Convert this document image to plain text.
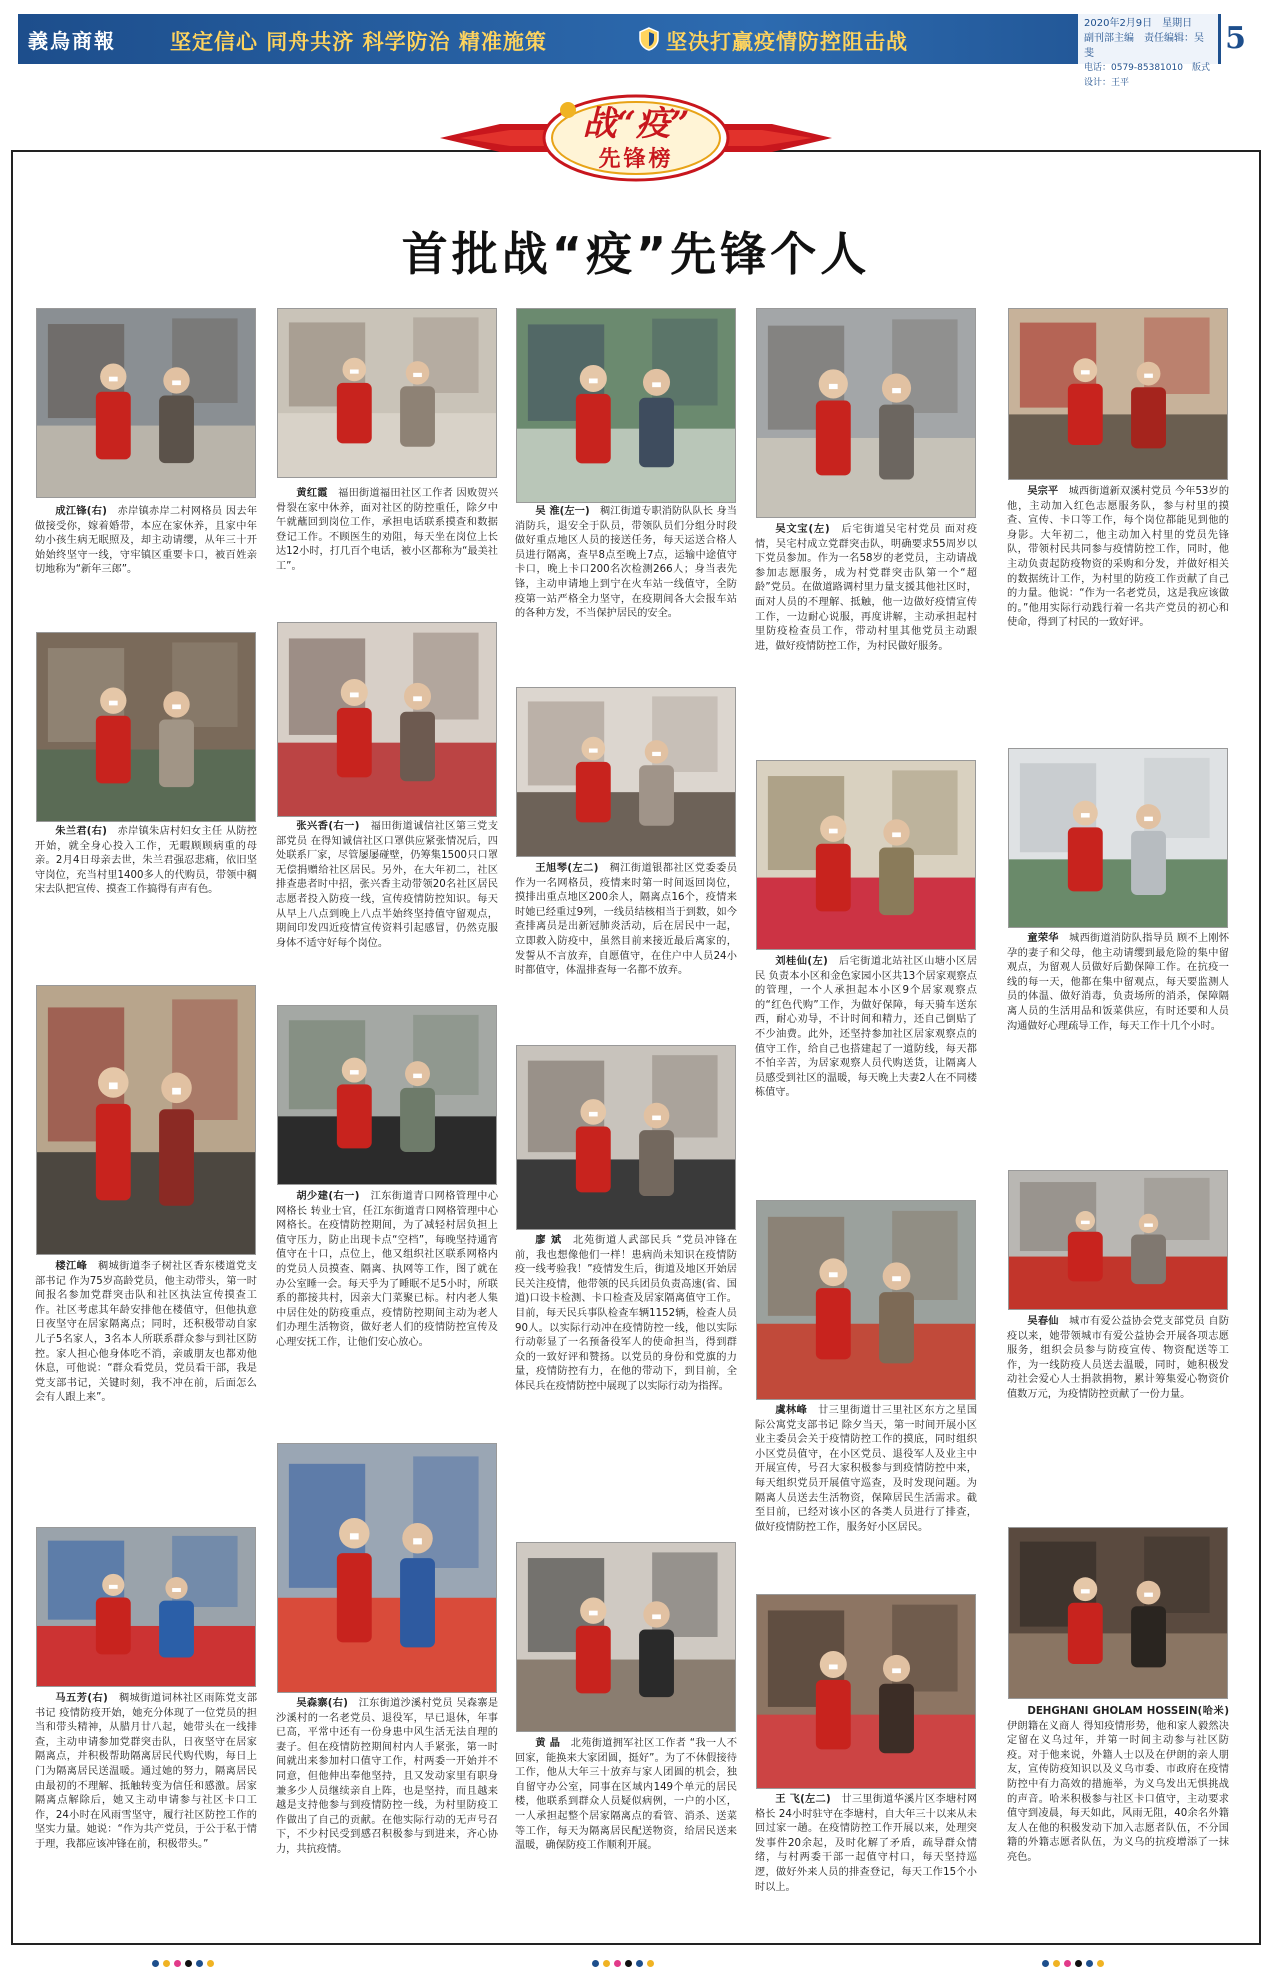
義烏商報	坚定信心 同舟共济 科学防治 精准施策	坚决打赢疫情防控阻击战
2020年2月9日　星期日
副刊部主编　责任编辑：吴斐
电话：0579-85381010　版式设计：王平
5
战“疫”
先锋榜
首批战“疫”先锋个人
成江锋(右)　 赤岸镇赤岸二村网格员 因去年做接受你，嫁着婚带，本应在家休养，且家中年幼小孩生病无眠照及，却主动请缨，从年三十开始始终坚守一线，守牢镇区重要卡口，被百姓亲切地称为“新年三郎”。
朱兰君(右)　 赤岸镇朱店村妇女主任 从防控开始，就全身心投入工作，无暇顾顾病重的母亲。2月4日母亲去世，朱兰君强忍悲痛，依旧坚守岗位，充当村里1400多人的代购员，带领中稠宋去队把宣传、摸查工作搞得有声有色。
楼江峰　 稠城街道李子树社区香东楼道党支部书记 作为75岁高龄党员，他主动带头，第一时间报名参加党群突击队和社区执法宣传摸查工作。社区考虑其年龄安排他在楼值守，但他执意日夜坚守在居家隔离点；同时，还积极带动自家儿子5名家人，3名本人所联系群众参与到社区防控。家人担心他身体吃不消，亲戚朋友也都劝他休息，可他说：“群众看党员，党员看干部，我是党支部书记，关键时刻，我不冲在前，后面怎么会有人跟上来”。
马五芳(右)　 稠城街道词林社区雨陈党支部书记 疫情防疫开始，她充分体现了一位党员的担当和带头精神，从腊月廿八起，她带头在一线排查，主动申请参加党群突击队，日夜坚守在居家隔离点，并积极帮助隔离居民代购代购，每日上门为隔离居民送温暖。通过她的努力，隔离居民由最初的不理解、抵触转变为信任和感激。居家隔离点解除后，她又主动申请参与社区卡口工作，24小时在风雨雪坚守，履行社区防控工作的坚实力量。她说：“作为共产党员，于公于私于情于理，我都应该冲锋在前，积极带头。”
黄红霞　 福田街道福田社区工作者 因败贺兴骨裂在家中休养，面对社区的防控重任，除夕中午就蘸回到岗位工作，承担电话联系摸查和数据登记工作。不顾医生的劝阻，每天坐在岗位上长达12小时，打几百个电话，被小区都称为“最美社工”。
张兴香(右一)　 福田街道诚信社区第三党支部党员 在得知诚信社区口罩供应紧张情况后，四处联系厂家，尽管屡屡碰壁，仍筹集1500只口罩无偿捐赠给社区居民。另外，在大年初二，社区排查患者时中招，张兴香主动带领20名社区居民志愿者投入防疫一线，宣传疫情防控知识。每天从早上八点到晚上八点半始终坚持值守留观点，期间印发四近疫情宣传资料引起感冒，仍然克服身体不适守好每个岗位。
胡少建(右一)　 江东街道青口网格管理中心网格长 转业士官，任江东街道青口网格管理中心网格长。在疫情防控期间，为了减轻村居负担上值守压力，防止出现卡点“空档”，每晚坚持通宵值守在十口，点位上，他又组织社区联系网格内的党员人员摸查、隔离、执网等工作，图了就在办公室睡一会。每天乎为了睡眠不足5小时，所联系的都接共村，因亲大门菜聚已标。村内老人集中居住处的防疫重点，疫情防控期间主动为老人们办理生活物资，做好老人们的疫情防控宣传及心理安抚工作，让他们安心放心。
吴森寨(右)　 江东街道沙溪村党员 吴森寨是沙溪村的一名老党员、退役军，早已退休，年事已高，平常中还有一份身患中风生活无法自理的妻子。但在疫情防控期间村内人手紧张，第一时间就出来参加村口值守工作，村两委一开始并不同意，但他伸出奉他坚持，且又发动家里有职身兼多少人员继续亲自上阵，也是坚持，而且越来越是支持他参与到疫情防控一线，为村里防疫工作做出了自己的贡献。在他实际行动的无声号召下，不少村民受到感召积极参与到进来，齐心协力，共抗疫情。
吴 淮(左一)　 稠江街道专职消防队队长 身当消防兵，退安全于队员，带领队员们分组分时段做好重点地区人员的接送任务，每天运送合格人员进行隔离，查早8点至晚上7点，运输中途值守卡口，晚上卡口200名次检测266人；身当表先锋，主动申请地上到宁在火车站一线值守，全防疫第一站严格全力坚守，在疫期间各大会报车站的各种方发，不当保护居民的安全。
王旭琴(左二)　 稠江街道银都社区党委委员 作为一名网格员，疫情来时第一时间返回岗位，摸排出重点地区200余人，隔离点16个，疫情来时她已经重过9列，一线员结核相当于到数，如今查排离员是出新冠肺炎活动，后在居民中一起，立即救入防疫中，虽然目前来接近最后离家的，发誓从不言放弃，自愿值守，在住户中人员24小时都值守，体温排查每一名都不放弃。
廖 斌　 北苑街道人武部民兵 “党员冲锋在前，我也想像他们一样！患病尚未知识在疫情防疫一线考验我！”疫情发生后，街道及地区开始居民关注疫情，他带领的民兵团员负责高速(省、国道)口设卡检测、卡口检查及居家隔离值守工作。目前，每天民兵事队检查车辆1152辆，检查人员90人。以实际行动冲在疫情防控一线，他以实际行动彰显了一名预备役军人的使命担当，得到群众的一致好评和赞扬。以党员的身份和党旗的力量，疫情防控有力，在他的带动下，到目前，全体民兵在疫情防控中展现了以实际行动为指挥。
黄 晶　 北苑街道拥军社区工作者 “我一人不回家，能换来大家团圆，挺好”。为了不休假接待工作，他从大年三十放弃与家人团圆的机会，独自留守办公室，同事在区域内149个单元的居民楼，他联系到群众人员疑似病例，一户的小区，一人承担起整个居家隔离点的看管、消杀、送菜等工作，每天为隔离居民配送物资，给居民送来温暖，确保防疫工作顺利开展。
吴文宝(左)　 后宅街道吴宅村党员 面对疫情，吴宅村成立党群突击队，明确要求55周岁以下党员参加。作为一名58岁的老党员，主动请战参加志愿服务，成为村党群突击队第一个“超龄”党员。在做道路调村里力量支援其他社区时，面对人员的不理解、抵触，他一边做好疫情宣传工作，一边耐心说服，再度讲解，主动承担起村里防疫检查员工作，带动村里其他党员主动跟进，做好疫情防控工作，为村民做好服务。
刘桂仙(左)　 后宅街道北站社区山塘小区居民 负责本小区和金色家园小区共13个居家观察点的管理，一个人承担起本小区9个居家观察点的“红色代购”工作，为做好保障，每天骑车送东西，耐心劝导，不计时间和精力，还自己倒贴了不少油费。此外，还坚持参加社区居家观察点的值守工作，给自己也搭建起了一道防线，每天都不怕辛苦，为居家观察人员代购送货，让隔离人员感受到社区的温暖，每天晚上夫妻2人在不同楼栋值守。
虞林峰　 廿三里街道廿三里社区东方之星国际公寓党支部书记 除夕当天，第一时间开展小区业主委员会关于疫情防控工作的摸底，同时组织小区党员值守，在小区党员、退役军人及业主中开展宣传，号召大家积极参与到疫情防控中来，每天组织党员开展值守巡查，及时发现问题。为隔离人员送去生活物资，保障居民生活需求。截至目前，已经对该小区的各类人员进行了排查，做好疫情防控工作，服务好小区居民。
王 飞(左二)　 廿三里街道华溪片区李塘村网格长 24小时驻守在李塘村，自大年三十以来从未回过家一趟。在疫情防控工作开展以来，处理突发事件20余起，及时化解了矛盾，疏导群众情绪，与村两委干部一起值守村口，每天坚持巡逻，做好外来人员的排查登记，每天工作15个小时以上。
吴宗平　 城西街道新双溪村党员 今年53岁的他，主动加入红色志愿服务队，参与村里的摸查、宣传、卡口等工作，每个岗位都能见到他的身影。大年初二，他主动加入村里的党员先锋队，带领村民共同参与疫情防控工作，同时，他主动负责起防疫物资的采购和分发，并做好相关的数据统计工作，为村里的防疫工作贡献了自己的力量。他说：“作为一名老党员，这是我应该做的。”他用实际行动践行着一名共产党员的初心和使命，得到了村民的一致好评。
童荣华　 城西街道消防队指导员 顾不上刚怀孕的妻子和父母，他主动请缨到最危险的集中留观点，为留观人员做好后勤保障工作。在抗疫一线的每一天，他都在集中留观点，每天要监测人员的体温、做好消毒，负责场所的消杀，保障隔离人员的生活用品和饭菜供应，有时还要和人员沟通做好心理疏导工作，每天工作十几个小时。
吴春仙　 城市有爱公益协会党支部党员 自防疫以来，她带领城市有爱公益协会开展各项志愿服务，组织会员参与防疫宣传、物资配送等工作，为一线防疫人员送去温暖，同时，她积极发动社会爱心人士捐款捐物，累计筹集爱心物资价值数万元，为疫情防控贡献了一份力量。
DEHGHANI GHOLAM HOSSEIN(哈米)　伊朗籍在义商人 得知疫情形势，他和家人毅然决定留在义乌过年，并第一时间主动参与社区防疫。对于他来说，外籍人士以及在伊朗的亲人朋友，宣传防疫知识以及义乌市委、市政府在疫情防控中有力高效的措施举，为义乌发出无惧挑战的声音。哈米积极参与社区卡口值守，主动要求值守到凌晨，每天如此，风雨无阻，40余名外籍友人在他的积极发动下加入志愿者队伍，不分国籍的外籍志愿者队伍，为义乌的抗疫增添了一抹亮色。
